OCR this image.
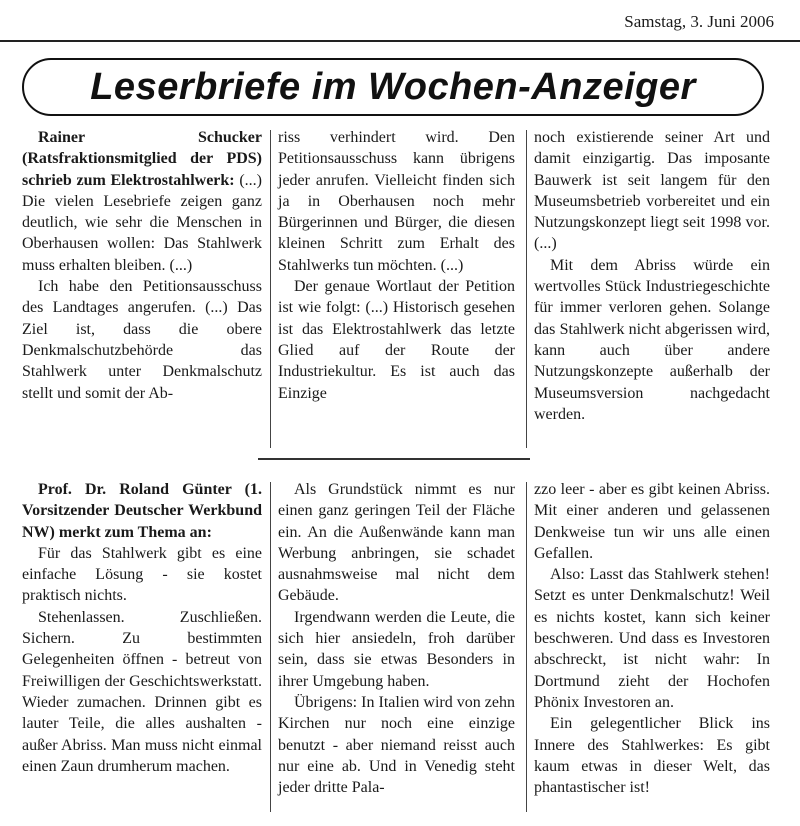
Samstag, 3. Juni 2006
Leserbriefe im Wochen-Anzeiger

Rainer Schucker (Ratsfraktionsmitglied der PDS) schrieb zum Elektrostahlwerk: (...) Die vielen Lesebriefe zeigen ganz deutlich, wie sehr die Menschen in Oberhausen wollen: Das Stahlwerk muss erhalten bleiben. (...)

Ich habe den Petitionsausschuss des Landtages angerufen. (...) Das Ziel ist, dass die obere Denkmalschutzbehörde das Stahlwerk unter Denkmalschutz stellt und somit der Ab-

riss verhindert wird. Den Petitionsausschuss kann übrigens jeder anrufen. Vielleicht finden sich ja in Oberhausen noch mehr Bürgerinnen und Bürger, die diesen kleinen Schritt zum Erhalt des Stahlwerks tun möchten. (...)

Der genaue Wortlaut der Petition ist wie folgt: (...) Historisch gesehen ist das Elektrostahlwerk das letzte Glied auf der Route der Industriekultur. Es ist auch das Einzige

noch existierende seiner Art und damit einzigartig. Das imposante Bauwerk ist seit langem für den Museumsbetrieb vorbereitet und ein Nutzungskonzept liegt seit 1998 vor. (...)

Mit dem Abriss würde ein wertvolles Stück Industriegeschichte für immer verloren gehen. Solange das Stahlwerk nicht abgerissen wird, kann auch über andere Nutzungskonzepte außerhalb der Museumsversion nachgedacht werden.

Prof. Dr. Roland Günter (1. Vorsitzender Deutscher Werkbund NW) merkt zum Thema an:

Für das Stahlwerk gibt es eine einfache Lösung - sie kostet praktisch nichts.

Stehenlassen. Zuschließen. Sichern. Zu bestimmten Gelegenheiten öffnen - betreut von Freiwilligen der Geschichtswerkstatt. Wieder zumachen. Drinnen gibt es lauter Teile, die alles aushalten - außer Abriss. Man muss nicht einmal einen Zaun drumherum machen.

Als Grundstück nimmt es nur einen ganz geringen Teil der Fläche ein. An die Außenwände kann man Werbung anbringen, sie schadet ausnahmsweise mal nicht dem Gebäude.

Irgendwann werden die Leute, die sich hier ansiedeln, froh darüber sein, dass sie etwas Besonders in ihrer Umgebung haben.

Übrigens: In Italien wird von zehn Kirchen nur noch eine einzige benutzt - aber niemand reisst auch nur eine ab. Und in Venedig steht jeder dritte Pala-

zzo leer - aber es gibt keinen Abriss. Mit einer anderen und gelassenen Denkweise tun wir uns alle einen Gefallen.

Also: Lasst das Stahlwerk stehen! Setzt es unter Denkmalschutz! Weil es nichts kostet, kann sich keiner beschweren. Und dass es Investoren abschreckt, ist nicht wahr: In Dortmund zieht der Hochofen Phönix Investoren an.

Ein gelegentlicher Blick ins Innere des Stahlwerkes: Es gibt kaum etwas in dieser Welt, das phantastischer ist!
